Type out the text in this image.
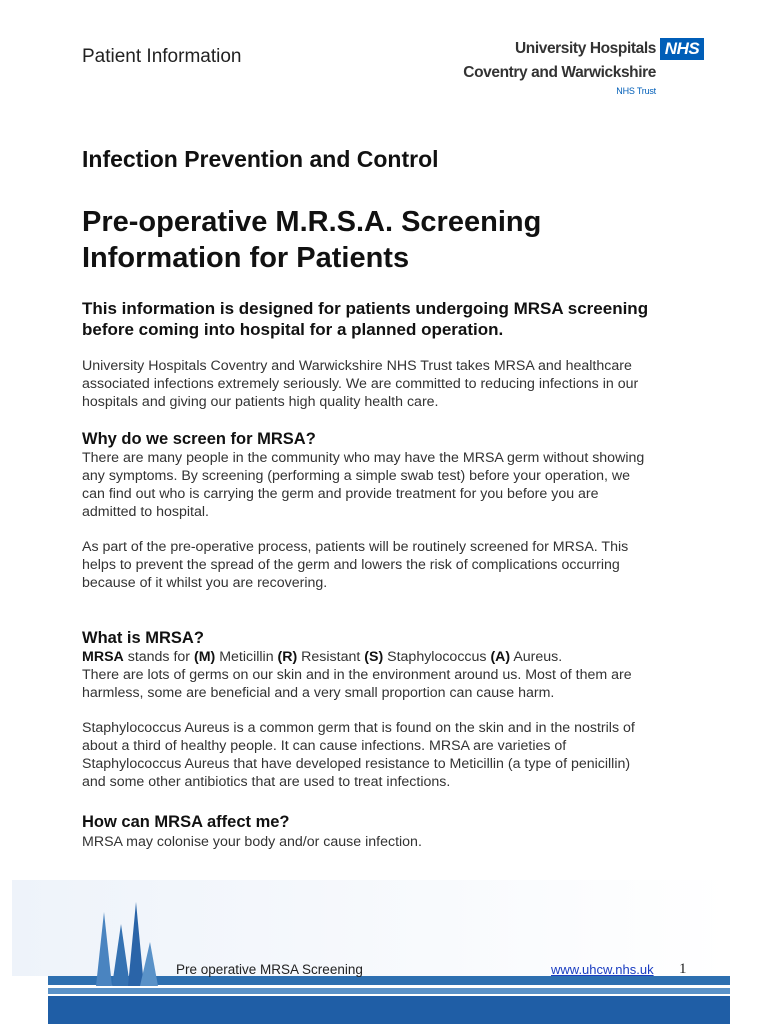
Patient Information	University Hospitals NHS
Coventry and Warwickshire
NHS Trust
Infection Prevention and Control
Pre-operative M.R.S.A. Screening
Information for Patients
This information is designed for patients undergoing MRSA screening
before coming into hospital for a planned operation.
University Hospitals Coventry and Warwickshire NHS Trust takes MRSA and healthcare
associated infections extremely seriously. We are committed to reducing infections in our
hospitals and giving our patients high quality health care.
Why do we screen for MRSA?
There are many people in the community who may have the MRSA germ without showing
any symptoms. By screening (performing a simple swab test) before your operation, we
can find out who is carrying the germ and provide treatment for you before you are
admitted to hospital.
As part of the pre-operative process, patients will be routinely screened for MRSA. This
helps to prevent the spread of the germ and lowers the risk of complications occurring
because of it whilst you are recovering.
What is MRSA?
MRSA stands for (M) Meticillin (R) Resistant (S) Staphylococcus (A) Aureus.
There are lots of germs on our skin and in the environment around us. Most of them are
harmless, some are beneficial and a very small proportion can cause harm.
Staphylococcus Aureus is a common germ that is found on the skin and in the nostrils of
about a third of healthy people. It can cause infections. MRSA are varieties of
Staphylococcus Aureus that have developed resistance to Meticillin (a type of penicillin)
and some other antibiotics that are used to treat infections.
How can MRSA affect me?
MRSA may colonise your body and/or cause infection.
Pre operative MRSA Screening	www.uhcw.nhs.uk 1
